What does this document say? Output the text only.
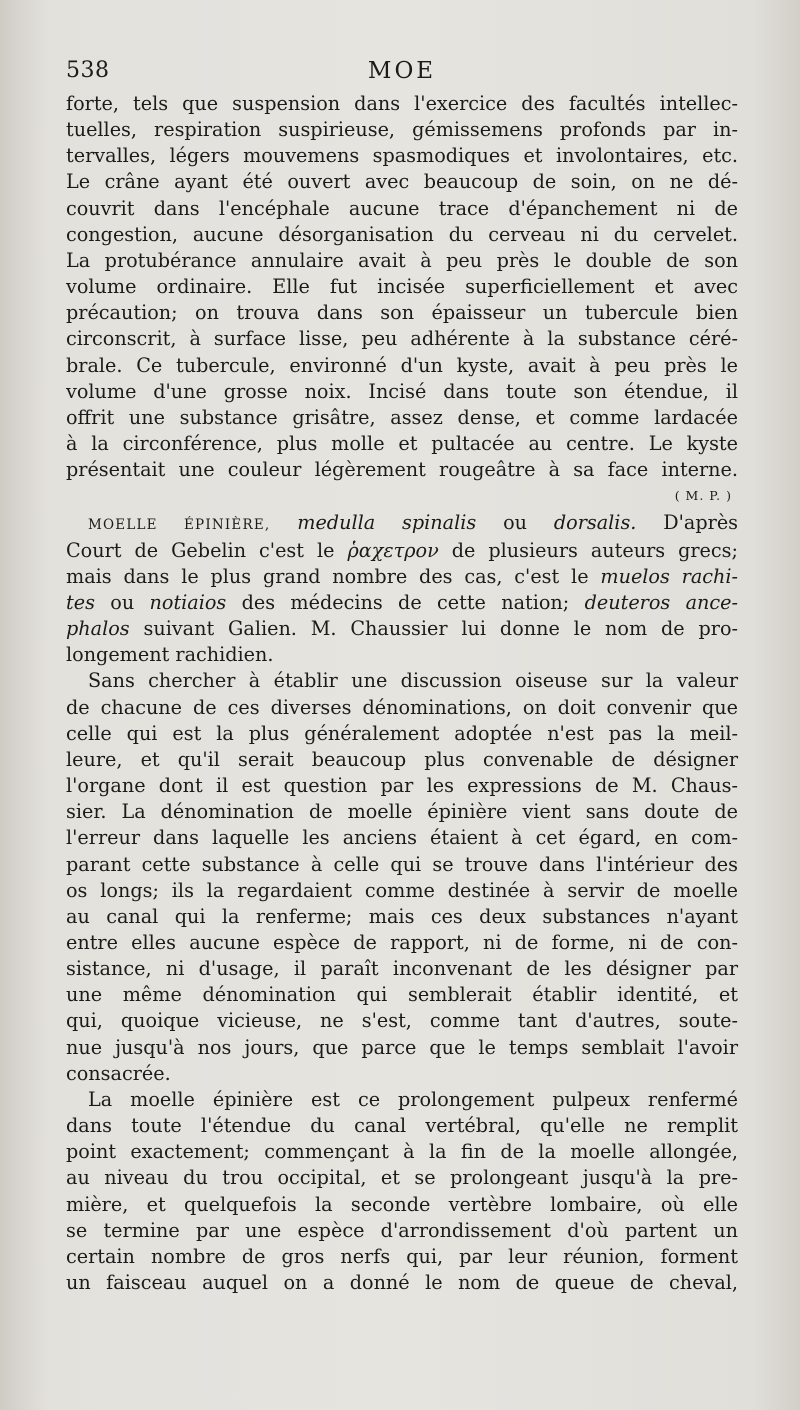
538	MOE

forte, tels que suspension dans l'exercice des facultés intellec-

tuelles, respiration suspirieuse, gémissemens profonds par in-

tervalles, légers mouvemens spasmodiques et involontaires, etc.

Le crâne ayant été ouvert avec beaucoup de soin, on ne dé-

couvrit dans l'encéphale aucune trace d'épanchement ni de

congestion, aucune désorganisation du cerveau ni du cervelet.

La protubérance annulaire avait à peu près le double de son

volume ordinaire. Elle fut incisée superficiellement et avec

précaution; on trouva dans son épaisseur un tubercule bien

circonscrit, à surface lisse, peu adhérente à la substance céré-

brale. Ce tubercule, environné d'un kyste, avait à peu près le

volume d'une grosse noix. Incisé dans toute son étendue, il

offrit une substance grisâtre, assez dense, et comme lardacée

à la circonférence, plus molle et pultacée au centre. Le kyste

présentait une couleur légèrement rougeâtre à sa face interne.

( M. P. )

MOELLE ÉPINIÈRE, medulla spinalis ou dorsalis. D'après

Court de Gebelin c'est le ῥαχετρον de plusieurs auteurs grecs;

mais dans le plus grand nombre des cas, c'est le muelos rachi-

tes ou notiaios des médecins de cette nation; deuteros ance-

phalos suivant Galien. M. Chaussier lui donne le nom de pro-

longement rachidien.

Sans chercher à établir une discussion oiseuse sur la valeur

de chacune de ces diverses dénominations, on doit convenir que

celle qui est la plus généralement adoptée n'est pas la meil-

leure, et qu'il serait beaucoup plus convenable de désigner

l'organe dont il est question par les expressions de M. Chaus-

sier. La dénomination de moelle épinière vient sans doute de

l'erreur dans laquelle les anciens étaient à cet égard, en com-

parant cette substance à celle qui se trouve dans l'intérieur des

os longs; ils la regardaient comme destinée à servir de moelle

au canal qui la renferme; mais ces deux substances n'ayant

entre elles aucune espèce de rapport, ni de forme, ni de con-

sistance, ni d'usage, il paraît inconvenant de les désigner par

une même dénomination qui semblerait établir identité, et

qui, quoique vicieuse, ne s'est, comme tant d'autres, soute-

nue jusqu'à nos jours, que parce que le temps semblait l'avoir

consacrée.

La moelle épinière est ce prolongement pulpeux renfermé

dans toute l'étendue du canal vertébral, qu'elle ne remplit

point exactement; commençant à la fin de la moelle allongée,

au niveau du trou occipital, et se prolongeant jusqu'à la pre-

mière, et quelquefois la seconde vertèbre lombaire, où elle

se termine par une espèce d'arrondissement d'où partent un

certain nombre de gros nerfs qui, par leur réunion, forment

un faisceau auquel on a donné le nom de queue de cheval,
